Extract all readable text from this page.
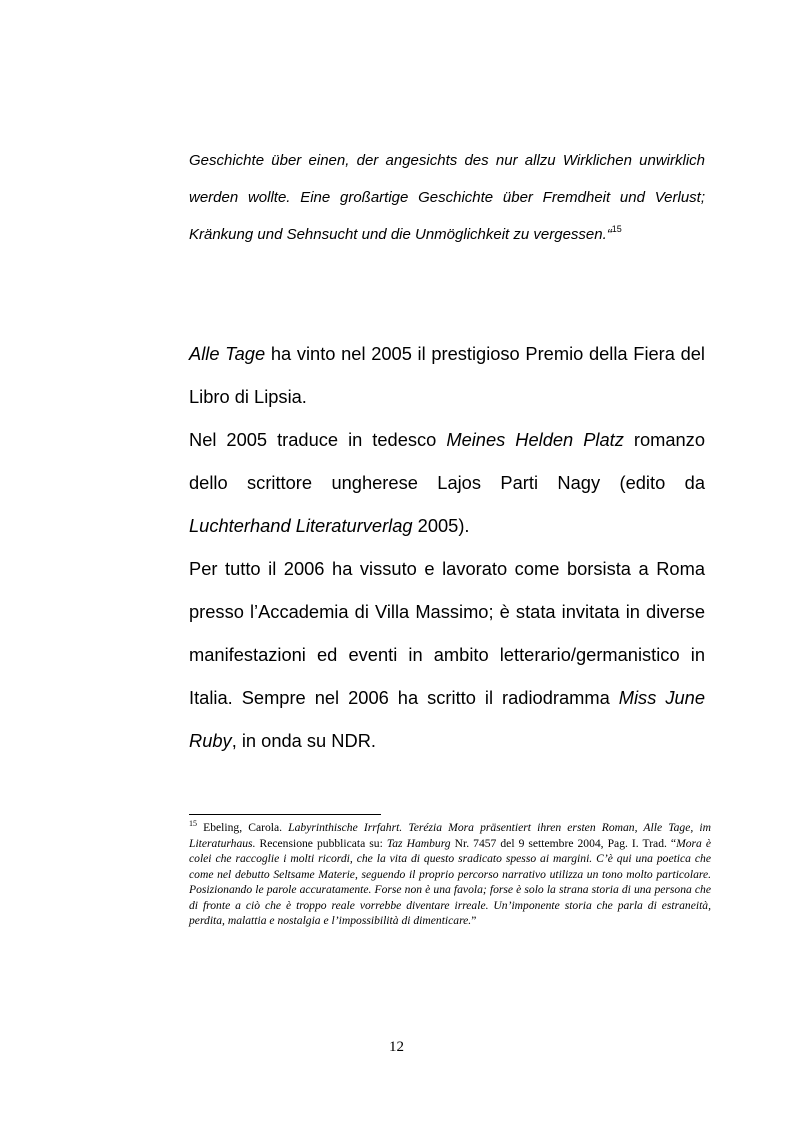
Geschichte über einen, der angesichts des nur allzu Wirklichen unwirklich werden wollte. Eine großartige Geschichte über Fremdheit und Verlust; Kränkung und Sehnsucht und die Unmöglichkeit zu vergessen.“$^{15}$

Alle Tage ha vinto nel 2005 il prestigioso Premio della Fiera del Libro di Lipsia.

Nel 2005 traduce in tedesco Meines Helden Platz romanzo dello scrittore ungherese Lajos Parti Nagy (edito da Luchterhand Literaturverlag 2005).

Per tutto il 2006 ha vissuto e lavorato come borsista a Roma presso l’Accademia di Villa Massimo; è stata invitata in diverse manifestazioni ed eventi in ambito letterario/germanistico in Italia. Sempre nel 2006 ha scritto il radiodramma Miss June Ruby, in onda su NDR.

$^{15}$ Ebeling, Carola. Labyrinthische Irrfahrt. Terézia Mora präsentiert ihren ersten Roman, Alle Tage, im Literaturhaus. Recensione pubblicata su: Taz Hamburg Nr. 7457 del 9 settembre 2004, Pag. I. Trad. “Mora è colei che raccoglie i molti ricordi, che la vita di questo sradicato spesso ai margini. C’è qui una poetica che come nel debutto Seltsame Materie, seguendo il proprio percorso narrativo utilizza un tono molto particolare. Posizionando le parole accuratamente. Forse non è una favola; forse è solo la strana storia di una persona che di fronte a ciò che è troppo reale vorrebbe diventare irreale. Un’imponente storia che parla di estraneità, perdita, malattia e nostalgia e l’impossibilità di dimenticare.”

12
